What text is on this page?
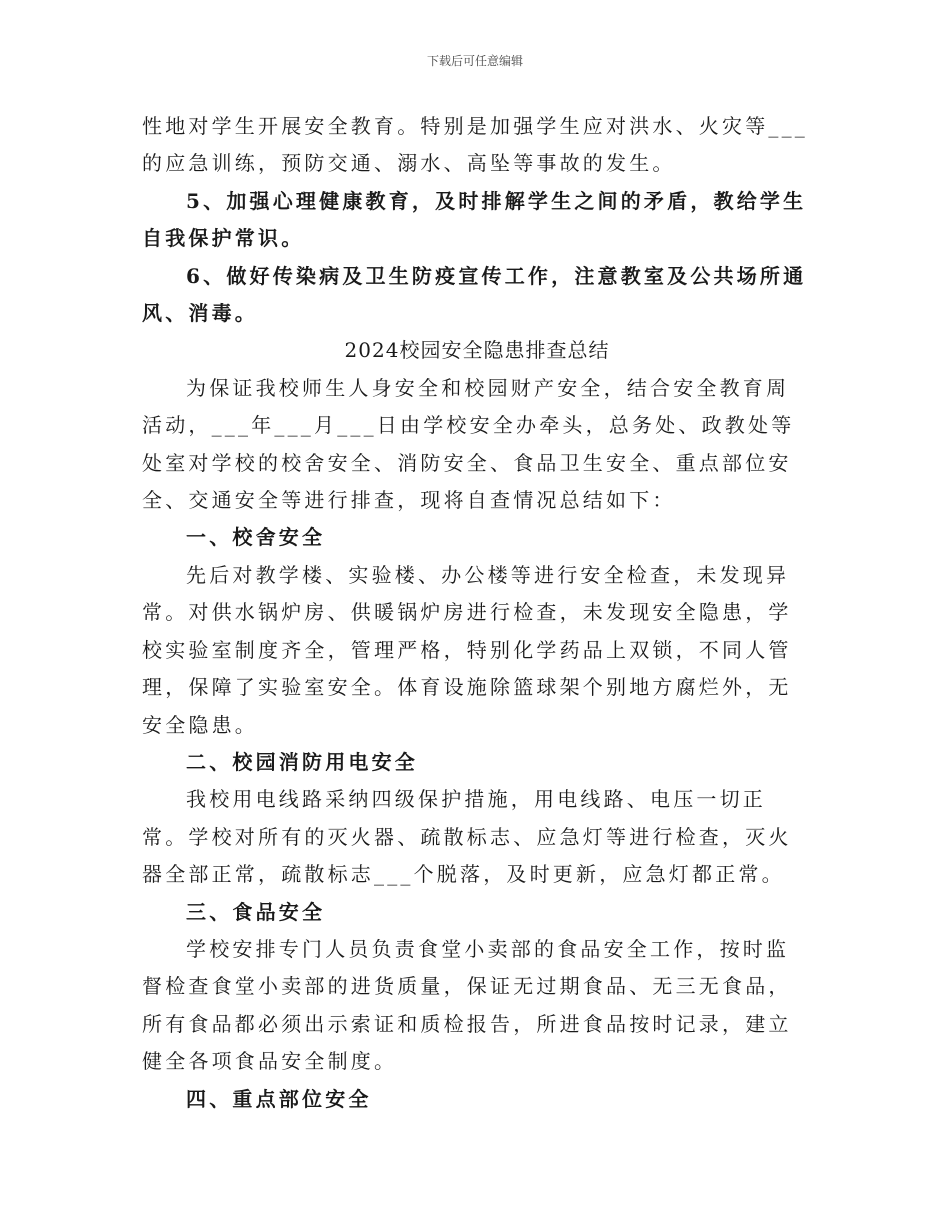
下载后可任意编辑

性地对学生开展安全教育。特别是加强学生应对洪水、火灾等___的应急训练，预防交通、溺水、高坠等事故的发生。

5、加强心理健康教育，及时排解学生之间的矛盾，教给学生自我保护常识。

6、做好传染病及卫生防疫宣传工作，注意教室及公共场所通风、消毒。

2024校园安全隐患排查总结

为保证我校师生人身安全和校园财产安全，结合安全教育周活动，___年___月___日由学校安全办牵头，总务处、政教处等处室对学校的校舍安全、消防安全、食品卫生安全、重点部位安全、交通安全等进行排查，现将自查情况总结如下：

一、校舍安全

先后对教学楼、实验楼、办公楼等进行安全检查，未发现异常。对供水锅炉房、供暖锅炉房进行检查，未发现安全隐患，学校实验室制度齐全，管理严格，特别化学药品上双锁，不同人管理，保障了实验室安全。体育设施除篮球架个别地方腐烂外，无安全隐患。

二、校园消防用电安全

我校用电线路采纳四级保护措施，用电线路、电压一切正常。学校对所有的灭火器、疏散标志、应急灯等进行检查，灭火器全部正常，疏散标志___个脱落，及时更新，应急灯都正常。

三、食品安全

学校安排专门人员负责食堂小卖部的食品安全工作，按时监督检查食堂小卖部的进货质量，保证无过期食品、无三无食品，所有食品都必须出示索证和质检报告，所进食品按时记录，建立健全各项食品安全制度。

四、重点部位安全
